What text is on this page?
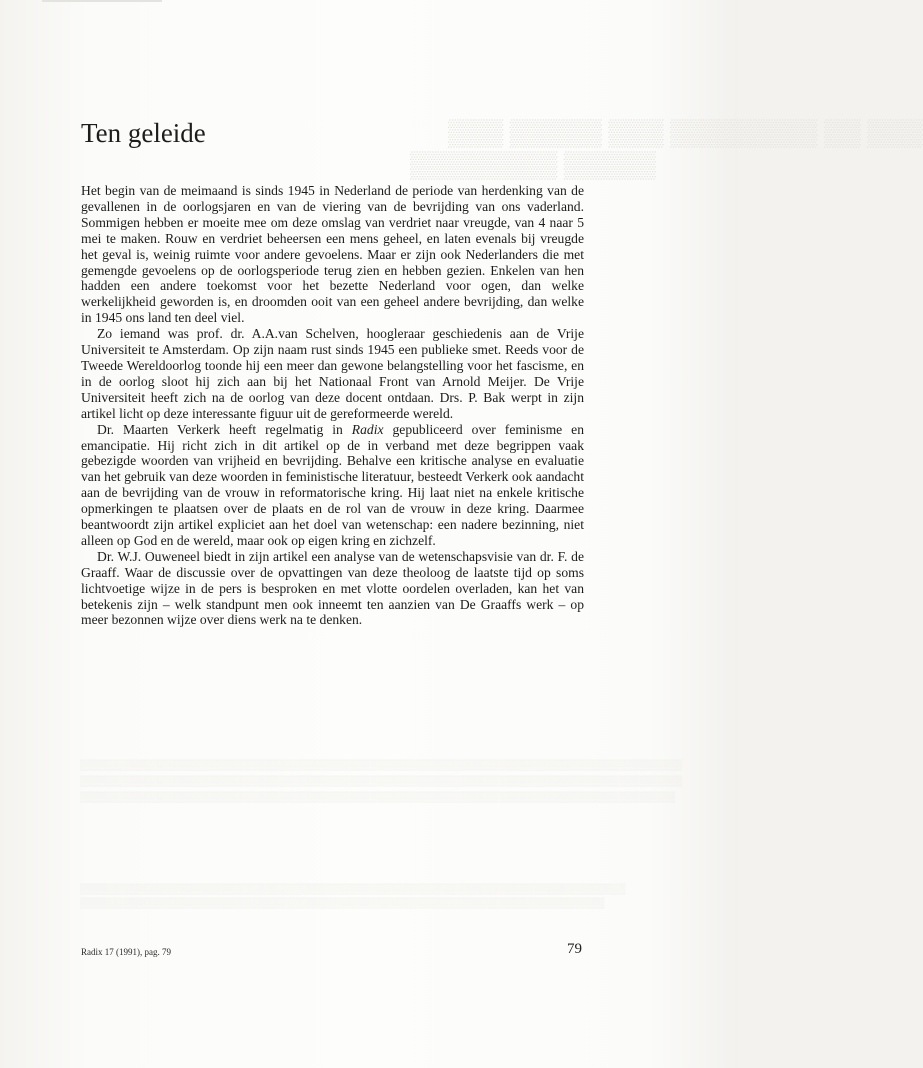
▒▒▒ ▒▒▒▒▒ ▒▒▒ ▒▒▒▒▒▒▒▒ ▒▒ ▒▒▒
▒▒▒▒▒▒▒▒ ▒▒▒▒▒
▒▒▒▒▒▒▒▒▒▒▒▒▒▒▒▒▒▒▒▒▒▒▒▒▒▒▒▒▒▒▒▒▒▒▒▒▒▒▒▒▒▒▒▒▒▒▒▒▒▒▒▒▒▒▒▒▒▒▒▒▒▒▒▒▒▒▒▒▒▒▒▒▒▒▒▒▒▒▒▒▒▒▒▒▒
▒▒▒▒▒▒▒▒▒▒▒▒▒▒▒▒▒▒▒▒▒▒▒▒▒▒▒▒▒▒▒▒▒▒▒▒▒▒▒▒▒▒▒▒▒▒▒▒▒▒▒▒▒▒▒▒▒▒▒▒▒▒▒▒▒▒▒▒▒▒▒▒▒▒▒▒▒▒▒▒▒▒▒▒▒
▒▒▒▒▒▒▒▒▒▒▒▒▒▒▒▒▒▒▒▒▒▒▒▒▒▒▒▒▒▒▒▒▒▒▒▒▒▒▒▒▒▒▒▒▒▒▒▒▒▒▒▒▒▒▒▒▒▒▒▒▒▒▒▒▒▒▒▒▒▒▒▒▒▒▒▒▒▒▒▒▒▒▒▒
▒▒▒▒▒▒▒▒▒▒▒▒▒▒▒▒▒▒▒▒▒▒▒▒▒▒▒▒▒▒▒▒▒▒▒▒▒▒▒▒▒▒▒▒▒▒▒▒▒▒▒▒▒▒▒▒▒▒▒▒▒▒▒▒▒▒▒▒▒▒▒▒▒▒▒▒▒
▒▒▒▒▒▒▒▒▒▒▒▒▒▒▒▒▒▒▒▒▒▒▒▒▒▒▒▒▒▒▒▒▒▒▒▒▒▒▒▒▒▒▒▒▒▒▒▒▒▒▒▒▒▒▒▒▒▒▒▒▒▒▒▒▒▒▒▒▒▒▒▒▒▒
Ten geleide

Het begin van de meimaand is sinds 1945 in Nederland de periode van herdenking van de gevallenen in de oorlogsjaren en van de viering van de bevrijding van ons vaderland. Sommigen hebben er moeite mee om deze omslag van verdriet naar vreugde, van 4 naar 5 mei te maken. Rouw en verdriet beheersen een mens geheel, en laten evenals bij vreugde het geval is, weinig ruimte voor andere gevoelens. Maar er zijn ook Nederlanders die met gemengde gevoelens op de oorlogsperiode terug zien en hebben gezien. Enkelen van hen hadden een andere toekomst voor het bezette Nederland voor ogen, dan welke werkelijkheid geworden is, en droomden ooit van een geheel andere bevrijding, dan welke in 1945 ons land ten deel viel.

Zo iemand was prof. dr. A.A.van Schelven, hoogleraar geschiedenis aan de Vrije Universiteit te Amsterdam. Op zijn naam rust sinds 1945 een publieke smet. Reeds voor de Tweede Wereldoorlog toonde hij een meer dan gewone belangstelling voor het fascisme, en in de oorlog sloot hij zich aan bij het Nationaal Front van Arnold Meijer. De Vrije Universiteit heeft zich na de oorlog van deze docent ontdaan. Drs. P. Bak werpt in zijn artikel licht op deze interessante figuur uit de gereformeerde wereld.

Dr. Maarten Verkerk heeft regelmatig in Radix gepubliceerd over feminisme en emancipatie. Hij richt zich in dit artikel op de in verband met deze begrippen vaak gebezigde woorden van vrijheid en bevrijding. Behalve een kritische analyse en evaluatie van het gebruik van deze woorden in feministische literatuur, besteedt Verkerk ook aandacht aan de bevrijding van de vrouw in reformatorische kring. Hij laat niet na enkele kritische opmerkingen te plaatsen over de plaats en de rol van de vrouw in deze kring. Daarmee beantwoordt zijn artikel expliciet aan het doel van wetenschap: een nadere bezinning, niet alleen op God en de wereld, maar ook op eigen kring en zichzelf.

Dr. W.J. Ouweneel biedt in zijn artikel een analyse van de wetenschapsvisie van dr. F. de Graaff. Waar de discussie over de opvattingen van deze theoloog de laatste tijd op soms lichtvoetige wijze in de pers is besproken en met vlotte oordelen overladen, kan het van betekenis zijn – welk standpunt men ook inneemt ten aanzien van De Graaffs werk – op meer bezonnen wijze over diens werk na te denken.

Radix 17 (1991), pag. 79	79
